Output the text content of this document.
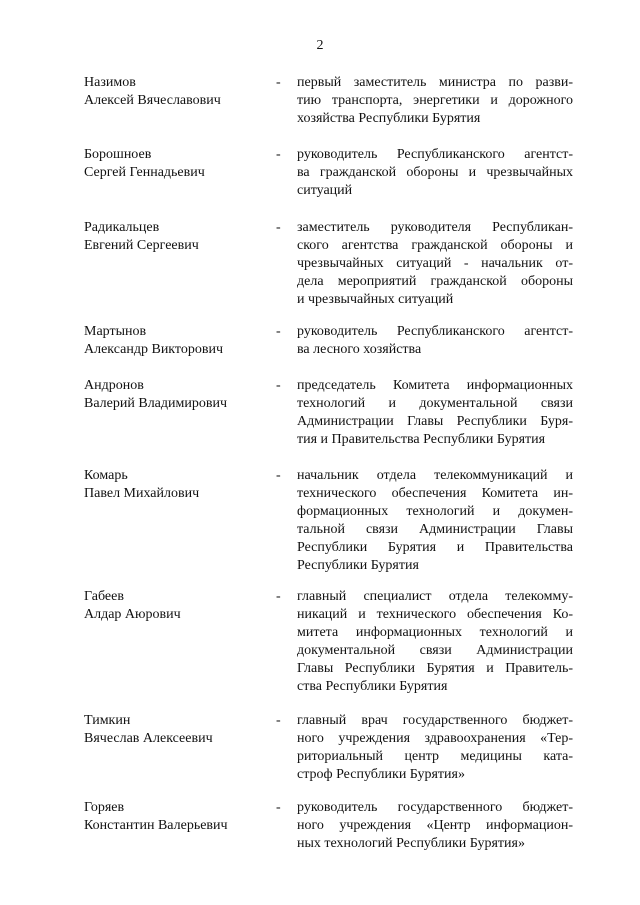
2
Назимов
Алексей Вячеславович
- первый заместитель министра по разви-
тию транспорта, энергетики и дорожного
хозяйства Республики Бурятия
Борошноев
Сергей Геннадьевич
- руководитель Республиканского агентст-
ва гражданской обороны и чрезвычайных
ситуаций
Радикальцев
Евгений Сергеевич
- заместитель руководителя Республикан-
ского агентства гражданской обороны и
чрезвычайных ситуаций - начальник от-
дела мероприятий гражданской обороны
и чрезвычайных ситуаций
Мартынов
Александр Викторович
- руководитель Республиканского агентст-
ва лесного хозяйства
Андронов
Валерий Владимирович
- председатель Комитета информационных
технологий и документальной связи
Администрации Главы Республики Буря-
тия и Правительства Республики Бурятия
Комарь
Павел Михайлович
- начальник отдела телекоммуникаций и
технического обеспечения Комитета ин-
формационных технологий и докумен-
тальной связи Администрации Главы
Республики Бурятия и Правительства
Республики Бурятия
Габеев
Алдар Аюрович
- главный специалист отдела телекомму-
никаций и технического обеспечения Ко-
митета информационных технологий и
документальной связи Администрации
Главы Республики Бурятия и Правитель-
ства Республики Бурятия
Тимкин
Вячеслав Алексеевич
- главный врач государственного бюджет-
ного учреждения здравоохранения «Тер-
риториальный центр медицины ката-
строф Республики Бурятия»
Горяев
Константин Валерьевич
- руководитель государственного бюджет-
ного учреждения «Центр информацион-
ных технологий Республики Бурятия»
